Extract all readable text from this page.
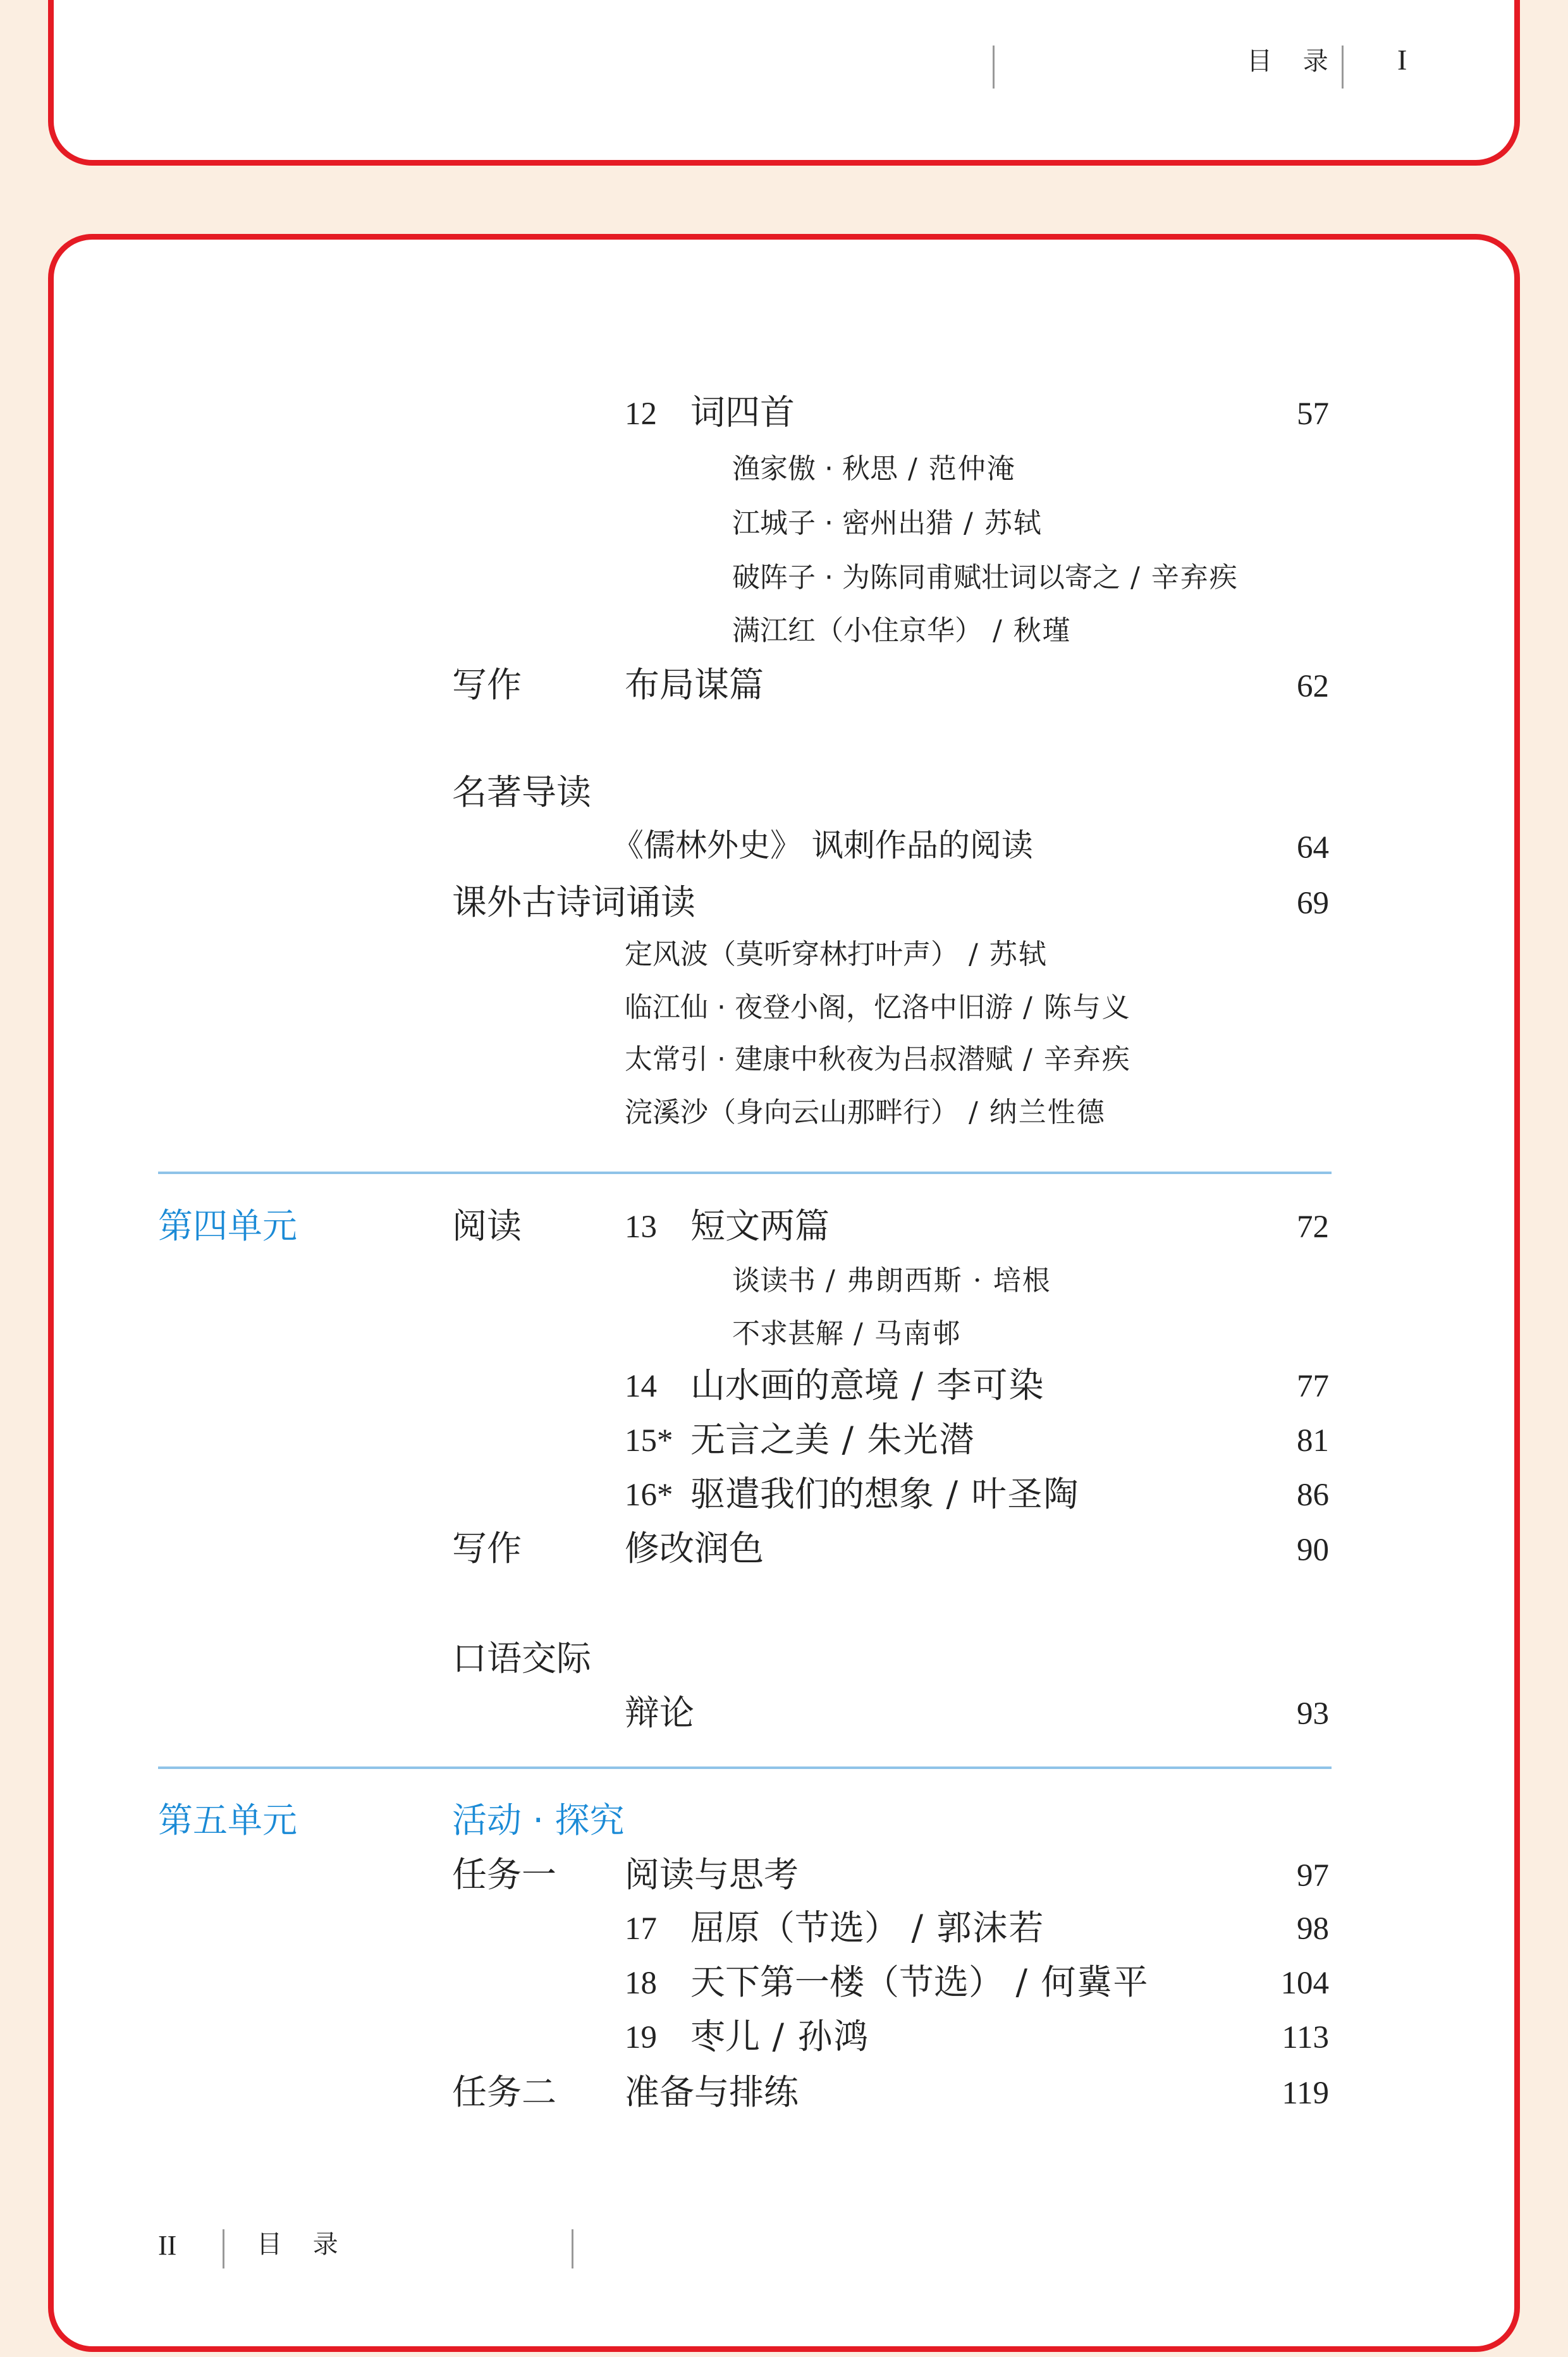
目 录 I
12 词四首	57
渔家傲 · 秋思 / 范仲淹
江城子 · 密州出猎 / 苏轼
破阵子 · 为陈同甫赋壮词以寄之 / 辛弃疾
满江红（小住京华） / 秋瑾
写作	布局谋篇	62
名著导读
《儒林外史》 讽刺作品的阅读	64
课外古诗词诵读	69
定风波（莫听穿林打叶声） / 苏轼
临江仙 · 夜登小阁，忆洛中旧游 / 陈与义
太常引 · 建康中秋夜为吕叔潜赋 / 辛弃疾
浣溪沙（身向云山那畔行） / 纳兰性德
第四单元	阅读	13 短文两篇	72
谈读书 / 弗朗西斯 · 培根
不求甚解 / 马南邨
14 山水画的意境 / 李可染	77
15* 无言之美 / 朱光潜	81
16* 驱遣我们的想象 / 叶圣陶	86
写作	修改润色	90
口语交际
辩论	93
第五单元	活动 · 探究
任务一 阅读与思考	97
17 屈原（节选） / 郭沫若	98
18 天下第一楼（节选） / 何冀平	104
19 枣儿 / 孙鸿	113
任务二 准备与排练	119
II	目 录
